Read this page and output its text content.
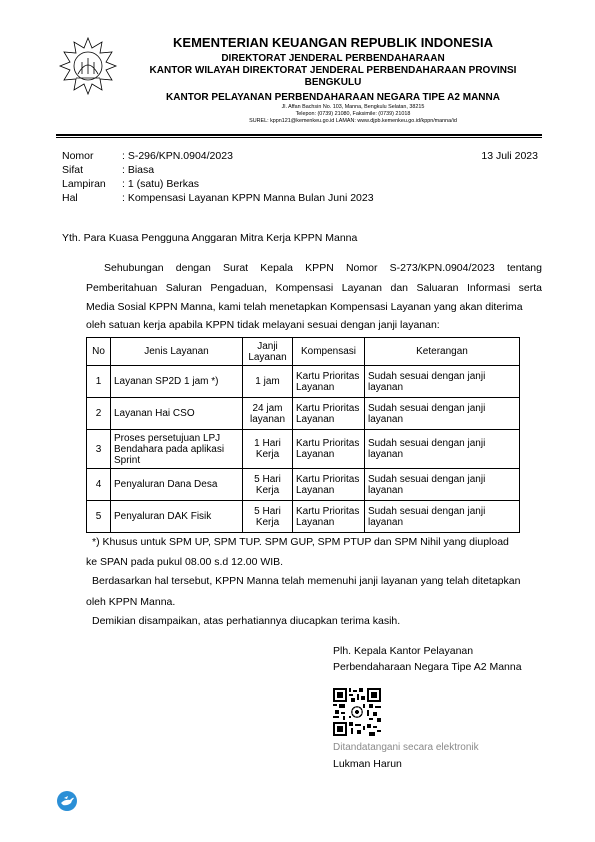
KEMENTERIAN KEUANGAN REPUBLIK INDONESIA
DIREKTORAT JENDERAL PERBENDAHARAAN
KANTOR WILAYAH DIREKTORAT JENDERAL PERBENDAHARAAN PROVINSI
BENGKULU
KANTOR PELAYANAN PERBENDAHARAAN NEGARA TIPE A2 MANNA
Jl. Affan Bachsin No. 103, Manna, Bengkulu Selatan, 38215
Telepon: (0739) 21080, Faksimile: (0739) 21018
SUREL: kppn121@kemenkeu.go.id LAMAN: www.djpb.kemenkeu.go.id/kppn/manna/id
Nomor	: S-296/KPN.0904/2023	13 Juli 2023
Sifat	: Biasa
Lampiran : 1 (satu) Berkas
Hal	: Kompensasi Layanan KPPN Manna Bulan Juni 2023
Yth. Para Kuasa Pengguna Anggaran Mitra Kerja KPPN Manna
Sehubungan dengan Surat Kepala KPPN Nomor S-273/KPN.0904/2023 tentang
Pemberitahuan Saluran Pengaduan, Kompensasi Layanan dan Saluaran Informasi serta
Media Sosial KPPN Manna, kami telah menetapkan Kompensasi Layanan yang akan diterima
oleh satuan kerja apabila KPPN tidak melayani sesuai dengan janji layanan:
No	Jenis Layanan	Janji Layanan	Kompensasi	Keterangan
1	Layanan SP2D 1 jam *)	1 jam	Kartu Prioritas Layanan	Sudah sesuai dengan janji layanan
2	Layanan Hai CSO	24 jam layanan	Kartu Prioritas Layanan	Sudah sesuai dengan janji layanan
3	Proses persetujuan LPJ Bendahara pada aplikasi Sprint	1 Hari Kerja	Kartu Prioritas Layanan	Sudah sesuai dengan janji layanan
4	Penyaluran Dana Desa	5 Hari Kerja	Kartu Prioritas Layanan	Sudah sesuai dengan janji layanan
5	Penyaluran DAK Fisik	5 Hari Kerja	Kartu Prioritas Layanan	Sudah sesuai dengan janji layanan
*) Khusus untuk SPM UP, SPM TUP. SPM GUP, SPM PTUP dan SPM Nihil yang diupload
ke SPAN pada pukul 08.00 s.d 12.00 WIB.
Berdasarkan hal tersebut, KPPN Manna telah memenuhi janji layanan yang telah ditetapkan
oleh KPPN Manna.
Demikian disampaikan, atas perhatiannya diucapkan terima kasih.
Plh. Kepala Kantor Pelayanan
Perbendaharaan Negara Tipe A2 Manna
Ditandatangani secara elektronik
Lukman Harun
